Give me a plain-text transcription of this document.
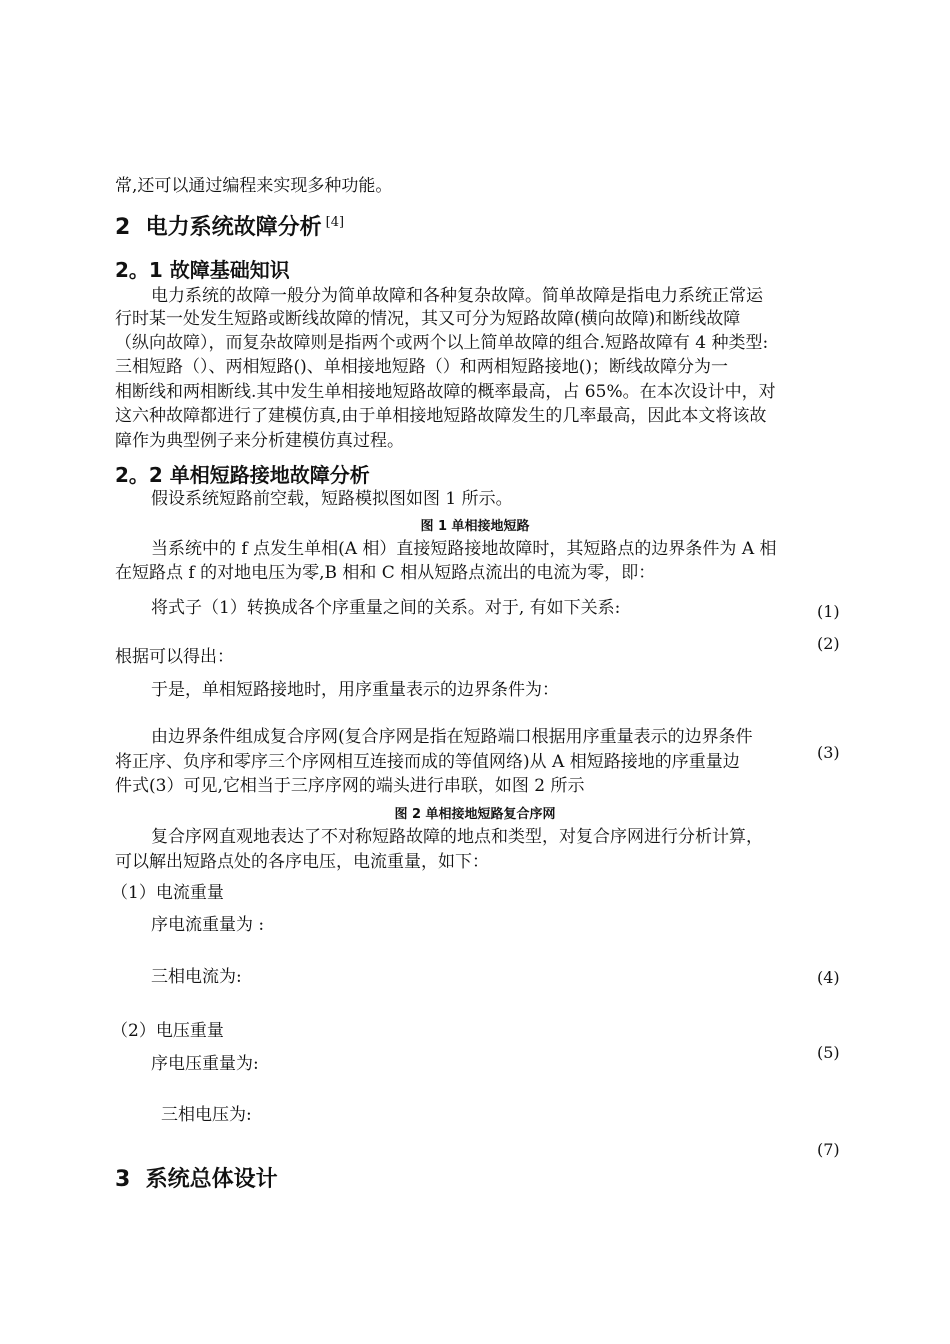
常,还可以通过编程来实现多种功能。
2 电力系统故障分析 [4]
2。1 故障基础知识
电力系统的故障一般分为简单故障和各种复杂故障。简单故障是指电力系统正常运
行时某一处发生短路或断线故障的情况，其又可分为短路故障(横向故障)和断线故障
（纵向故障），而复杂故障则是指两个或两个以上简单故障的组合.短路故障有 4 种类型:
三相短路（）、两相短路()、单相接地短路（）和两相短路接地()；断线故障分为一
相断线和两相断线.其中发生单相接地短路故障的概率最高，占 65%。在本次设计中，对
这六种故障都进行了建模仿真,由于单相接地短路故障发生的几率最高，因此本文将该故
障作为典型例子来分析建模仿真过程。
2。2 单相短路接地故障分析
假设系统短路前空载，短路模拟图如图 1 所示。
图 1 单相接地短路
当系统中的 f 点发生单相(A 相）直接短路接地故障时，其短路点的边界条件为 A 相
在短路点 f 的对地电压为零,B 相和 C 相从短路点流出的电流为零，即：
将式子（1）转换成各个序重量之间的关系。对于, 有如下关系:	(1)
(2)
根据可以得出：
于是，单相短路接地时，用序重量表示的边界条件为：
由边界条件组成复合序网(复合序网是指在短路端口根据用序重量表示的边界条件
将正序、负序和零序三个序网相互连接而成的等值网络)从 A 相短路接地的序重量边	(3)
件式(3）可见,它相当于三序序网的端头进行串联，如图 2 所示
图 2 单相接地短路复合序网
复合序网直观地表达了不对称短路故障的地点和类型，对复合序网进行分析计算，
可以解出短路点处的各序电压，电流重量，如下：
（1）电流重量
序电流重量为 :
三相电流为:	(4)
（2）电压重量
(5)
序电压重量为:
三相电压为:
(7)
3 系统总体设计
